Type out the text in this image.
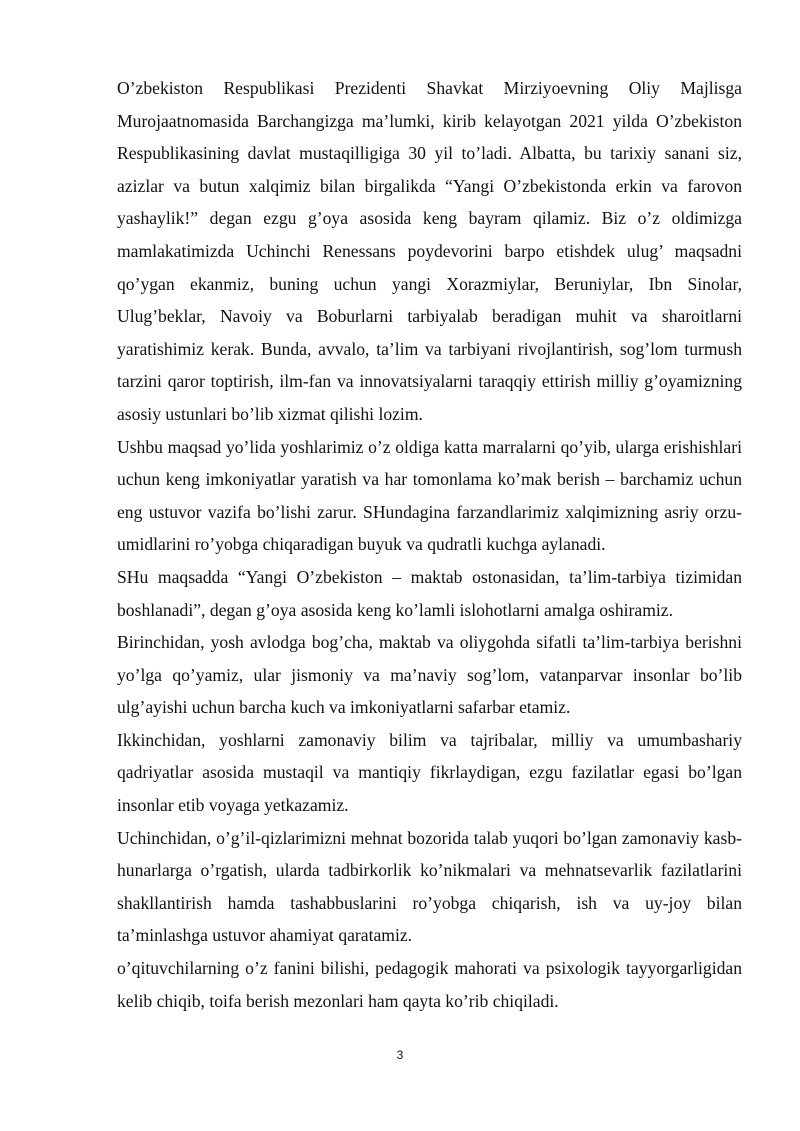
O’zbekiston Respublikasi Prezidenti Shavkat Mirziyoevning Oliy Majlisga Murojaatnomasida Barchangizga ma’lumki, kirib kelayotgan 2021 yilda O’zbekiston Respublikasining davlat mustaqilligiga 30 yil to’ladi. Albatta, bu tarixiy sanani siz, azizlar va butun xalqimiz bilan birgalikda “Yangi O’zbekistonda erkin va farovon yashaylik!” degan ezgu g’oya asosida keng bayram qilamiz. Biz o’z oldimizga mamlakatimizda Uchinchi Renessans poydevorini barpo etishdek ulug’ maqsadni qo’ygan ekanmiz, buning uchun yangi Xorazmiylar, Beruniylar, Ibn Sinolar, Ulug’beklar, Navoiy va Boburlarni tarbiyalab beradigan muhit va sharoitlarni yaratishimiz kerak. Bunda, avvalo, ta’lim va tarbiyani rivojlantirish, sog’lom turmush tarzini qaror toptirish, ilm-fan va innovatsiyalarni taraqqiy ettirish milliy g’oyamizning asosiy ustunlari bo’lib xizmat qilishi lozim.

Ushbu maqsad yo’lida yoshlarimiz o’z oldiga katta marralarni qo’yib, ularga erishishlari uchun keng imkoniyatlar yaratish va har tomonlama ko’mak berish – barchamiz uchun eng ustuvor vazifa bo’lishi zarur. SHundagina farzandlarimiz xalqimizning asriy orzu-umidlarini ro’yobga chiqaradigan buyuk va qudratli kuchga aylanadi.

SHu maqsadda “Yangi O’zbekiston – maktab ostonasidan, ta’lim-tarbiya tizimidan boshlanadi”, degan g’oya asosida keng ko’lamli islohotlarni amalga oshiramiz.

Birinchidan, yosh avlodga bog’cha, maktab va oliygohda sifatli ta’lim-tarbiya berishni yo’lga qo’yamiz, ular jismoniy va ma’naviy sog’lom, vatanparvar insonlar bo’lib ulg’ayishi uchun barcha kuch va imkoniyatlarni safarbar etamiz.

Ikkinchidan, yoshlarni zamonaviy bilim va tajribalar, milliy va umumbashariy qadriyatlar asosida mustaqil va mantiqiy fikrlaydigan, ezgu fazilatlar egasi bo’lgan insonlar etib voyaga yetkazamiz.

Uchinchidan, o’g’il-qizlarimizni mehnat bozorida talab yuqori bo’lgan zamonaviy kasb-hunarlarga o’rgatish, ularda tadbirkorlik ko’nikmalari va mehnatsevarlik fazilatlarini shakllantirish hamda tashabbuslarini ro’yobga chiqarish, ish va uy-joy bilan ta’minlashga ustuvor ahamiyat qaratamiz.

o’qituvchilarning o’z fanini bilishi, pedagogik mahorati va psixologik tayyorgarligidan kelib chiqib, toifa berish mezonlari ham qayta ko’rib chiqiladi.

3
